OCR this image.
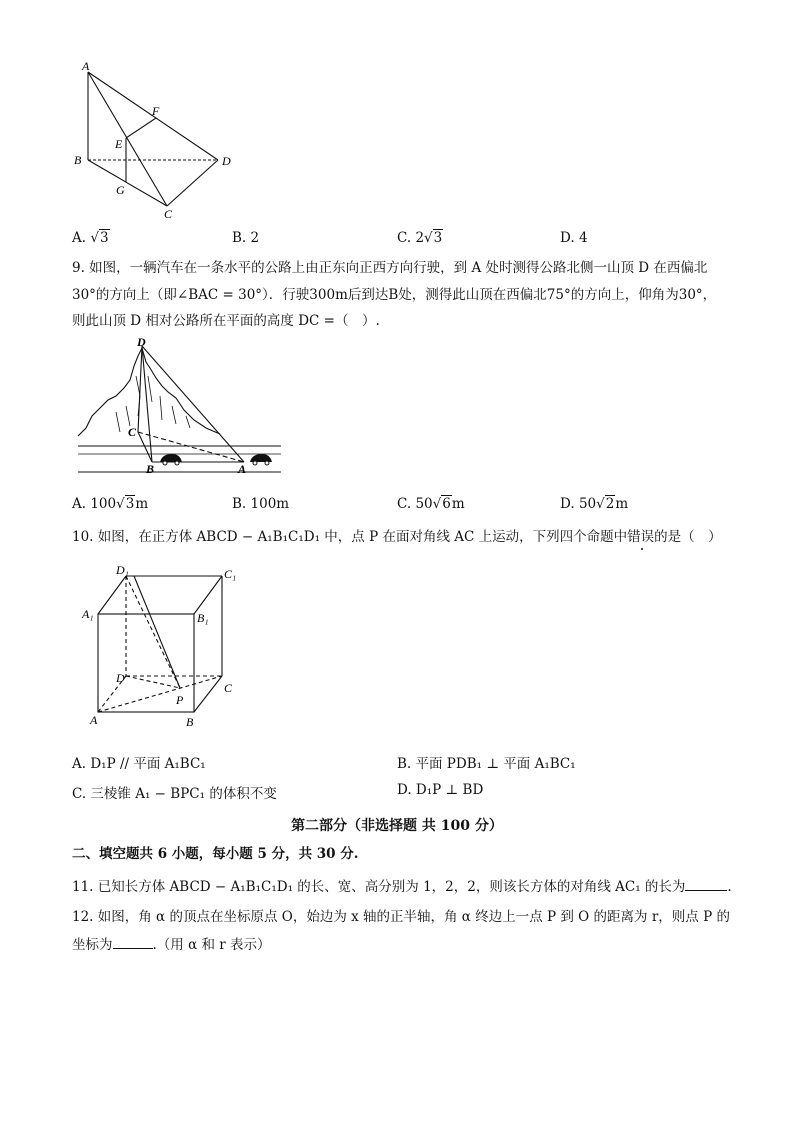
A
B
C
D
E
F
G
A. √3	B. 2	C. 2√3	D. 4
9. 如图，一辆汽车在一条水平的公路上由正东向正西方向行驶，到 A 处时测得公路北侧一山顶 D 在西偏北
30°的方向上（即∠BAC = 30°）．行驶300m后到达B处，测得此山顶在西偏北75°的方向上，仰角为30°，
则此山顶 D 相对公路所在平面的高度 DC =（　）.
D
C
B	A
A. 100√3m	B. 100m	C. 50√6m	D. 50√2m
10. 如图，在正方体 ABCD − A₁B₁C₁D₁ 中，点 P 在面对角线 AC 上运动，下列四个命题中错误的是（　）
D₁	C₁
A₁	B₁
D
C
A	B
P
A. D₁P // 平面 A₁BC₁	B. 平面 PDB₁ ⊥ 平面 A₁BC₁
C. 三棱锥 A₁ − BPC₁ 的体积不变	D. D₁P ⊥ BD
第二部分（非选择题 共 100 分）
二、填空题共 6 小题，每小题 5 分，共 30 分.
11. 已知长方体 ABCD − A₁B₁C₁D₁ 的长、宽、高分别为 1，2，2，则该长方体的对角线 AC₁ 的长为	.
12. 如图，角 α 的顶点在坐标原点 O，始边为 x 轴的正半轴，角 α 终边上一点 P 到 O 的距离为 r，则点 P 的
坐标为	.（用 α 和 r 表示）
